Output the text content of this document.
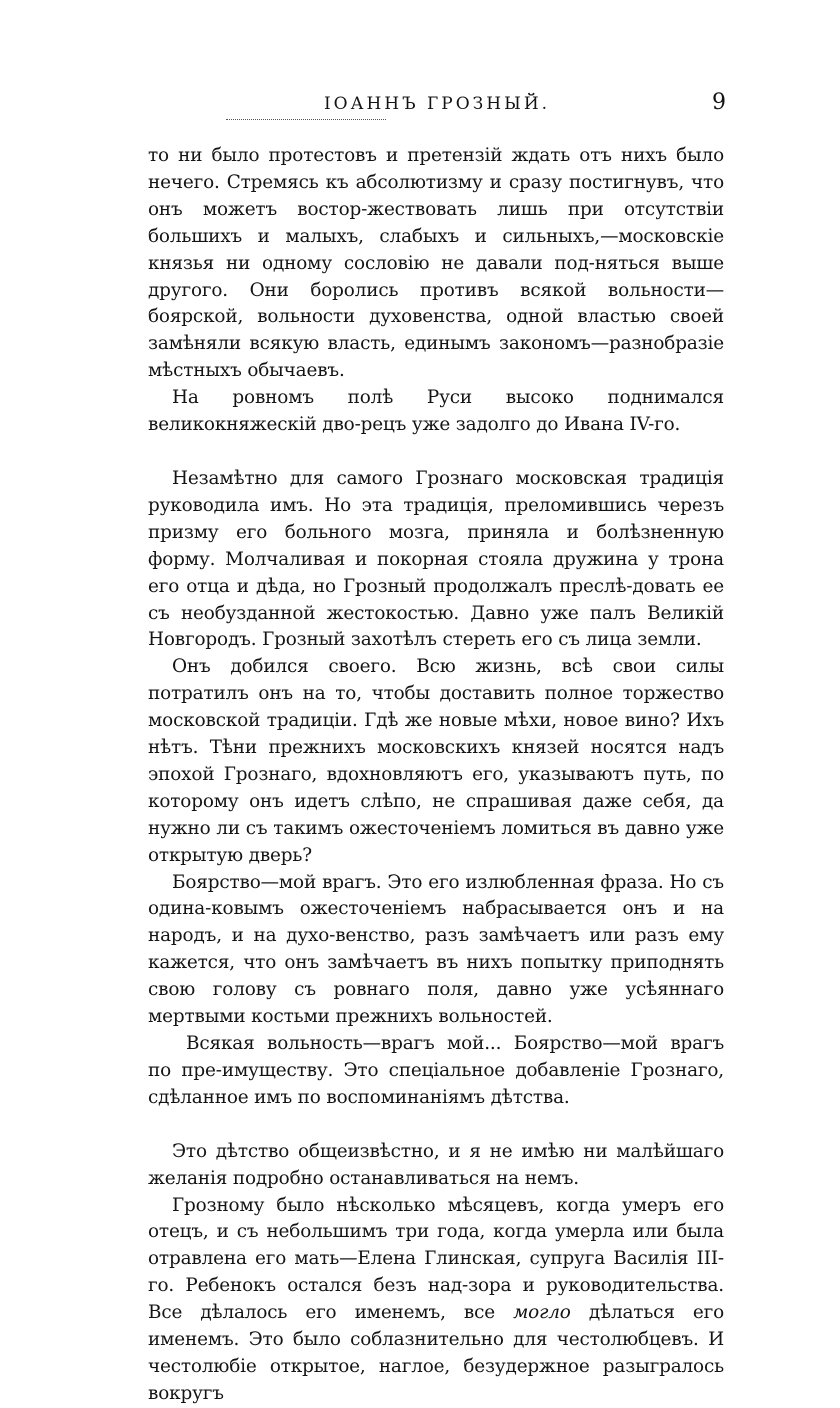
ІОАННЪ ГРОЗНЫЙ.	9

то ни было протестовъ и претензій ждать отъ нихъ было нечего. Стремясь къ абсолютизму и сразу постигнувъ, что онъ можетъ востор-жествовать лишь при отсутствіи большихъ и малыхъ, слабыхъ и сильныхъ,—московскіе князья ни одному сословію не давали под-няться выше другого. Они боролись противъ всякой вольности—боярской, вольности духовенства, одной властью своей замѣняли всякую власть, единымъ закономъ—разнобразіе мѣстныхъ обычаевъ.

На ровномъ полѣ Руси высоко поднимался великокняжескій дво-рецъ уже задолго до Ивана IV-го.

Незамѣтно для самого Грознаго московская традиція руководила имъ. Но эта традиція, преломившись черезъ призму его больного мозга, приняла и болѣзненную форму. Молчаливая и покорная стояла дружина у трона его отца и дѣда, но Грозный продолжалъ преслѣ-довать ее съ необузданной жестокостью. Давно уже палъ Великій Новгородъ. Грозный захотѣлъ стереть его съ лица земли.

Онъ добился своего. Всю жизнь, всѣ свои силы потратилъ онъ на то, чтобы доставить полное торжество московской традиціи. Гдѣ же новые мѣхи, новое вино? Ихъ нѣтъ. Тѣни прежнихъ московскихъ князей носятся надъ эпохой Грознаго, вдохновляютъ его, указываютъ путь, по которому онъ идетъ слѣпо, не спрашивая даже себя, да нужно ли съ такимъ ожесточеніемъ ломиться въ давно уже открытую дверь?

Боярство—мой врагъ. Это его излюбленная фраза. Но съ одина-ковымъ ожесточеніемъ набрасывается онъ и на народъ, и на духо-венство, разъ замѣчаетъ или разъ ему кажется, что онъ замѣчаетъ въ нихъ попытку приподнять свою голову съ ровнаго поля, давно уже усѣяннаго мертвыми костьми прежнихъ вольностей.

Всякая вольность—врагъ мой... Боярство—мой врагъ по пре-имуществу. Это спеціальное добавленіе Грознаго, сдѣланное имъ по воспоминаніямъ дѣтства.

Это дѣтство общеизвѣстно, и я не имѣю ни малѣйшаго желанія подробно останавливаться на немъ.

Грозному было нѣсколько мѣсяцевъ, когда умеръ его отецъ, и съ небольшимъ три года, когда умерла или была отравлена его мать—Елена Глинская, супруга Василія III-го. Ребенокъ остался безъ над-зора и руководительства. Все дѣлалось его именемъ, все могло дѣлаться его именемъ. Это было соблазнительно для честолюбцевъ. И честолюбіе открытое, наглое, безудержное разыгралось вокругъ
